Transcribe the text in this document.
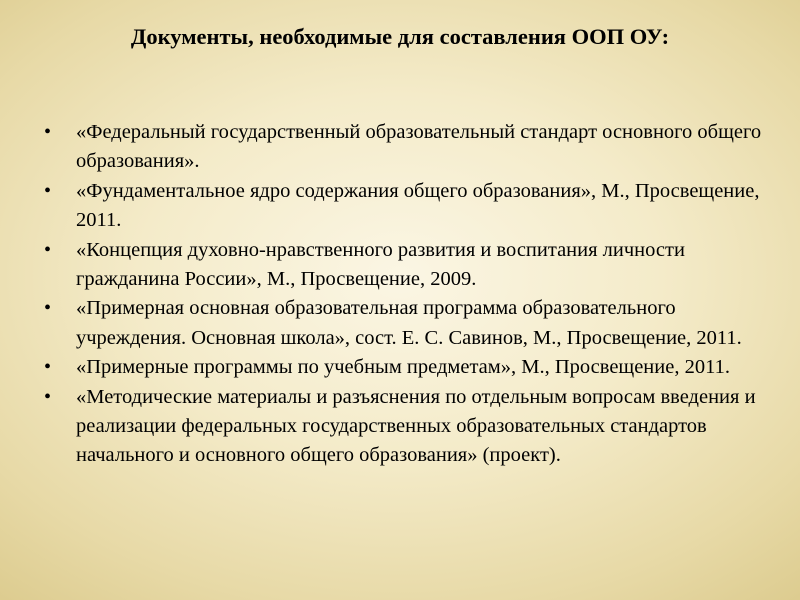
Документы, необходимые для составления ООП ОУ:
• «Федеральный государственный образовательный стандарт основного общего образования».
• «Фундаментальное ядро содержания общего образования», М., Просвещение, 2011.
• «Концепция духовно-нравственного развития и воспитания личности гражданина России», М., Просвещение, 2009.
• «Примерная основная образовательная программа образовательного учреждения. Основная школа», сост. Е. С. Савинов, М., Просвещение, 2011.
• «Примерные программы по учебным предметам», М., Просвещение, 2011.
• «Методические материалы и разъяснения по отдельным вопросам введения и реализации федеральных государственных образовательных стандартов начального и основного общего образования» (проект).
